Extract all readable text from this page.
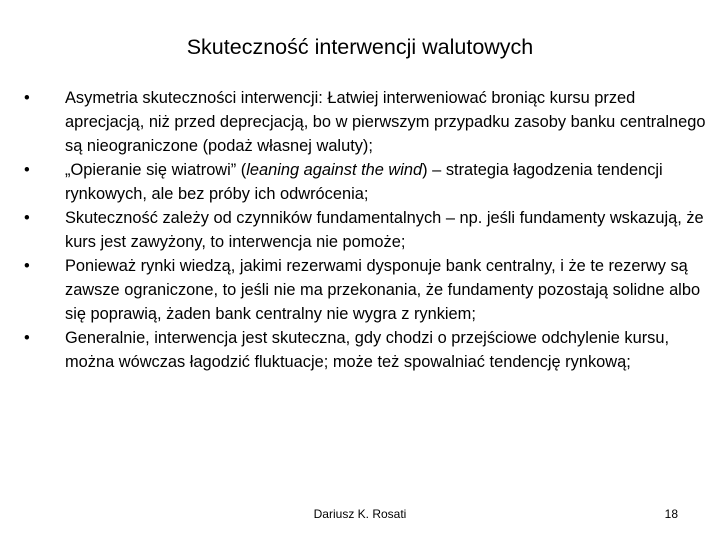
Skuteczność interwencji walutowych
•	Asymetria skuteczności interwencji: Łatwiej interweniować broniąc kursu przed aprecjacją, niż przed deprecjacją, bo w pierwszym przypadku zasoby banku centralnego są nieograniczone (podaż własnej waluty);
•	„Opieranie się wiatrowi” (leaning against the wind) – strategia łagodzenia tendencji rynkowych, ale bez próby ich odwrócenia;
•	Skuteczność zależy od czynników fundamentalnych – np. jeśli fundamenty wskazują, że kurs jest zawyżony, to interwencja nie pomoże;
•	Ponieważ rynki wiedzą, jakimi rezerwami dysponuje bank centralny, i że te rezerwy są zawsze ograniczone, to jeśli nie ma przekonania, że fundamenty pozostają solidne albo się poprawią, żaden bank centralny nie wygra z rynkiem;
•	Generalnie, interwencja jest skuteczna, gdy chodzi o przejściowe odchylenie kursu, można wówczas łagodzić fluktuacje; może też spowalniać tendencję rynkową;
Dariusz K. Rosati	18
